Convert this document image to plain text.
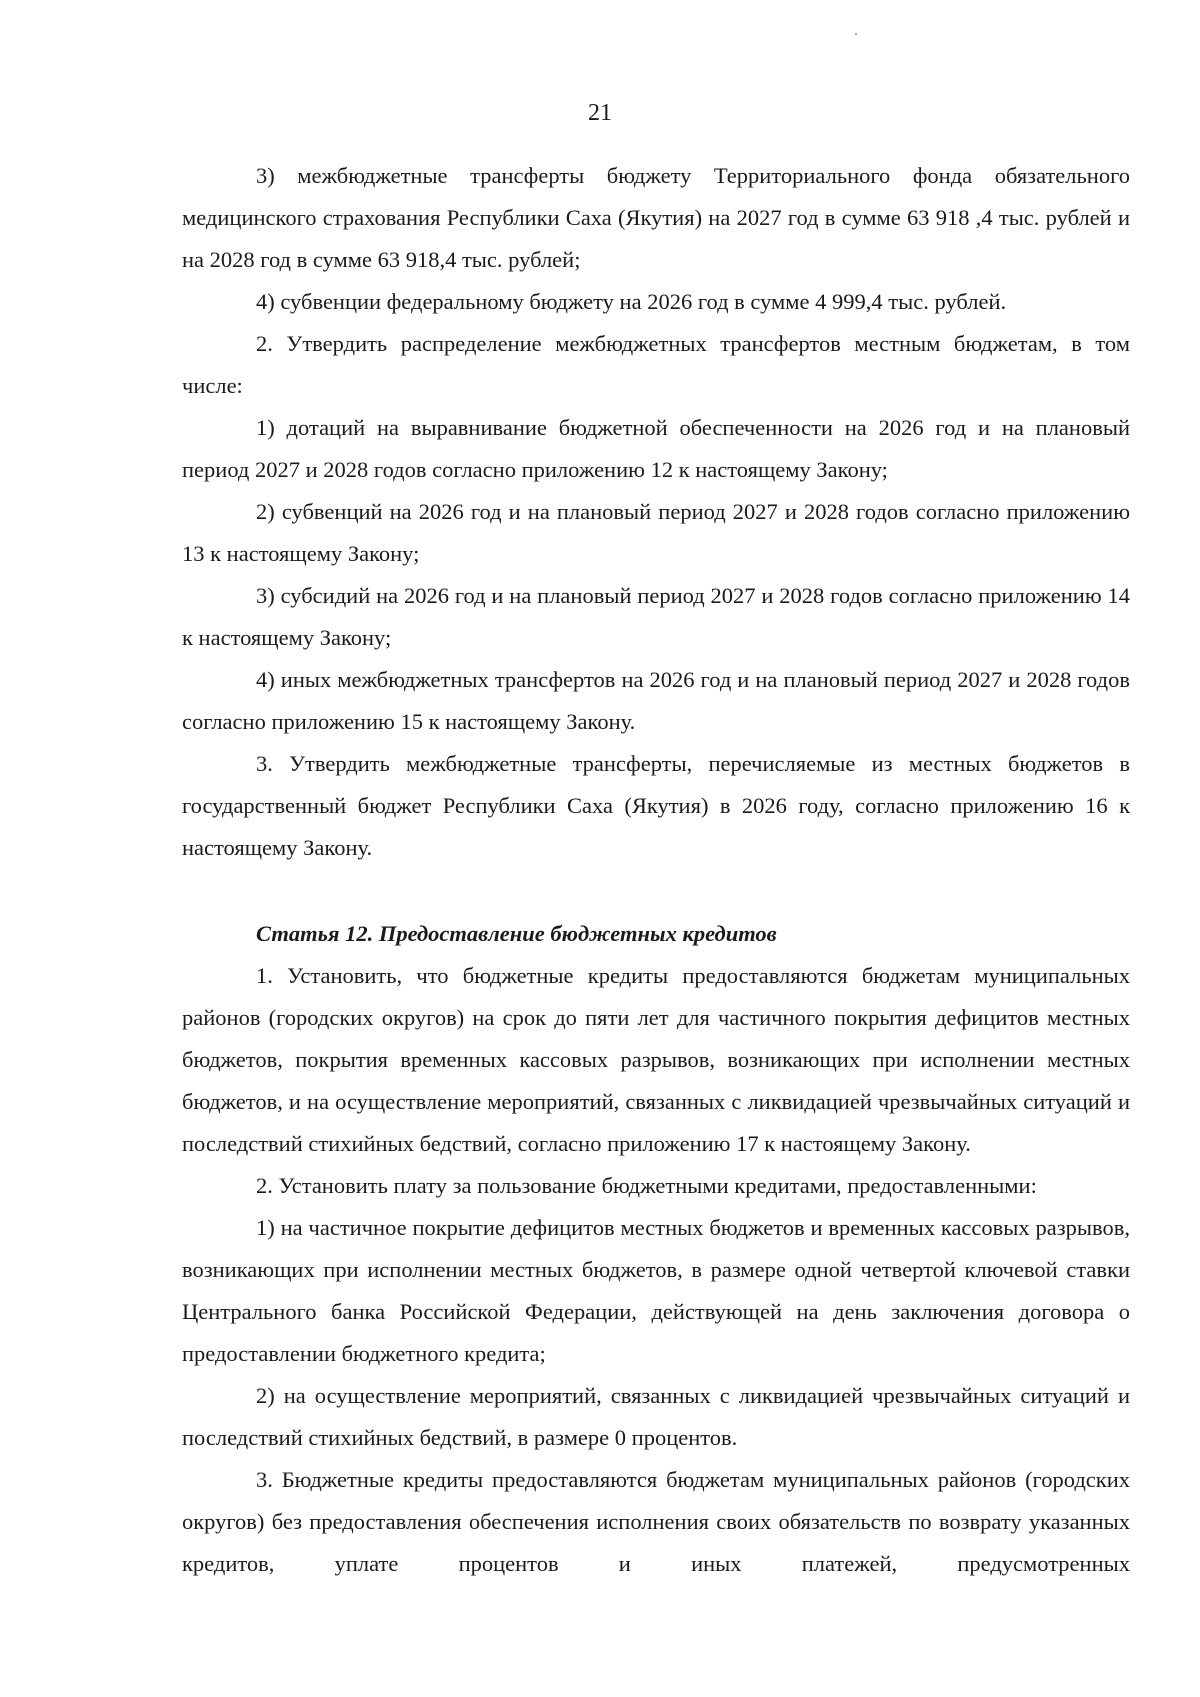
21

3) межбюджетные трансферты бюджету Территориального фонда обязательного медицинского страхования Республики Саха (Якутия) на 2027 год в сумме 63 918 ,4 тыс. рублей и на 2028 год в сумме 63 918,4 тыс. рублей;

4) субвенции федеральному бюджету на 2026 год в сумме 4 999,4 тыс. рублей.

2. Утвердить распределение межбюджетных трансфертов местным бюджетам, в том числе:

1) дотаций на выравнивание бюджетной обеспеченности на 2026 год и на плановый период 2027 и 2028 годов согласно приложению 12 к настоящему Закону;

2) субвенций на 2026 год и на плановый период 2027 и 2028 годов согласно приложению 13 к настоящему Закону;

3) субсидий на 2026 год и на плановый период 2027 и 2028 годов согласно приложению 14 к настоящему Закону;

4) иных межбюджетных трансфертов на 2026 год и на плановый период 2027 и 2028 годов согласно приложению 15 к настоящему Закону.

3. Утвердить межбюджетные трансферты, перечисляемые из местных бюджетов в государственный бюджет Республики Саха (Якутия) в 2026 году, согласно приложению 16 к настоящему Закону.

Статья 12. Предоставление бюджетных кредитов

1. Установить, что бюджетные кредиты предоставляются бюджетам муниципальных районов (городских округов) на срок до пяти лет для частичного покрытия дефицитов местных бюджетов, покрытия временных кассовых разрывов, возникающих при исполнении местных бюджетов, и на осуществление мероприятий, связанных с ликвидацией чрезвычайных ситуаций и последствий стихийных бедствий, согласно приложению 17 к настоящему Закону.

2. Установить плату за пользование бюджетными кредитами, предоставленными:

1) на частичное покрытие дефицитов местных бюджетов и временных кассовых разрывов, возникающих при исполнении местных бюджетов, в размере одной четвертой ключевой ставки Центрального банка Российской Федерации, действующей на день заключения договора о предоставлении бюджетного кредита;

2) на осуществление мероприятий, связанных с ликвидацией чрезвычайных ситуаций и последствий стихийных бедствий, в размере 0 процентов.

3. Бюджетные кредиты предоставляются бюджетам муниципальных районов (городских округов) без предоставления обеспечения исполнения своих обязательств по возврату указанных кредитов, уплате процентов и иных платежей, предусмотренных
